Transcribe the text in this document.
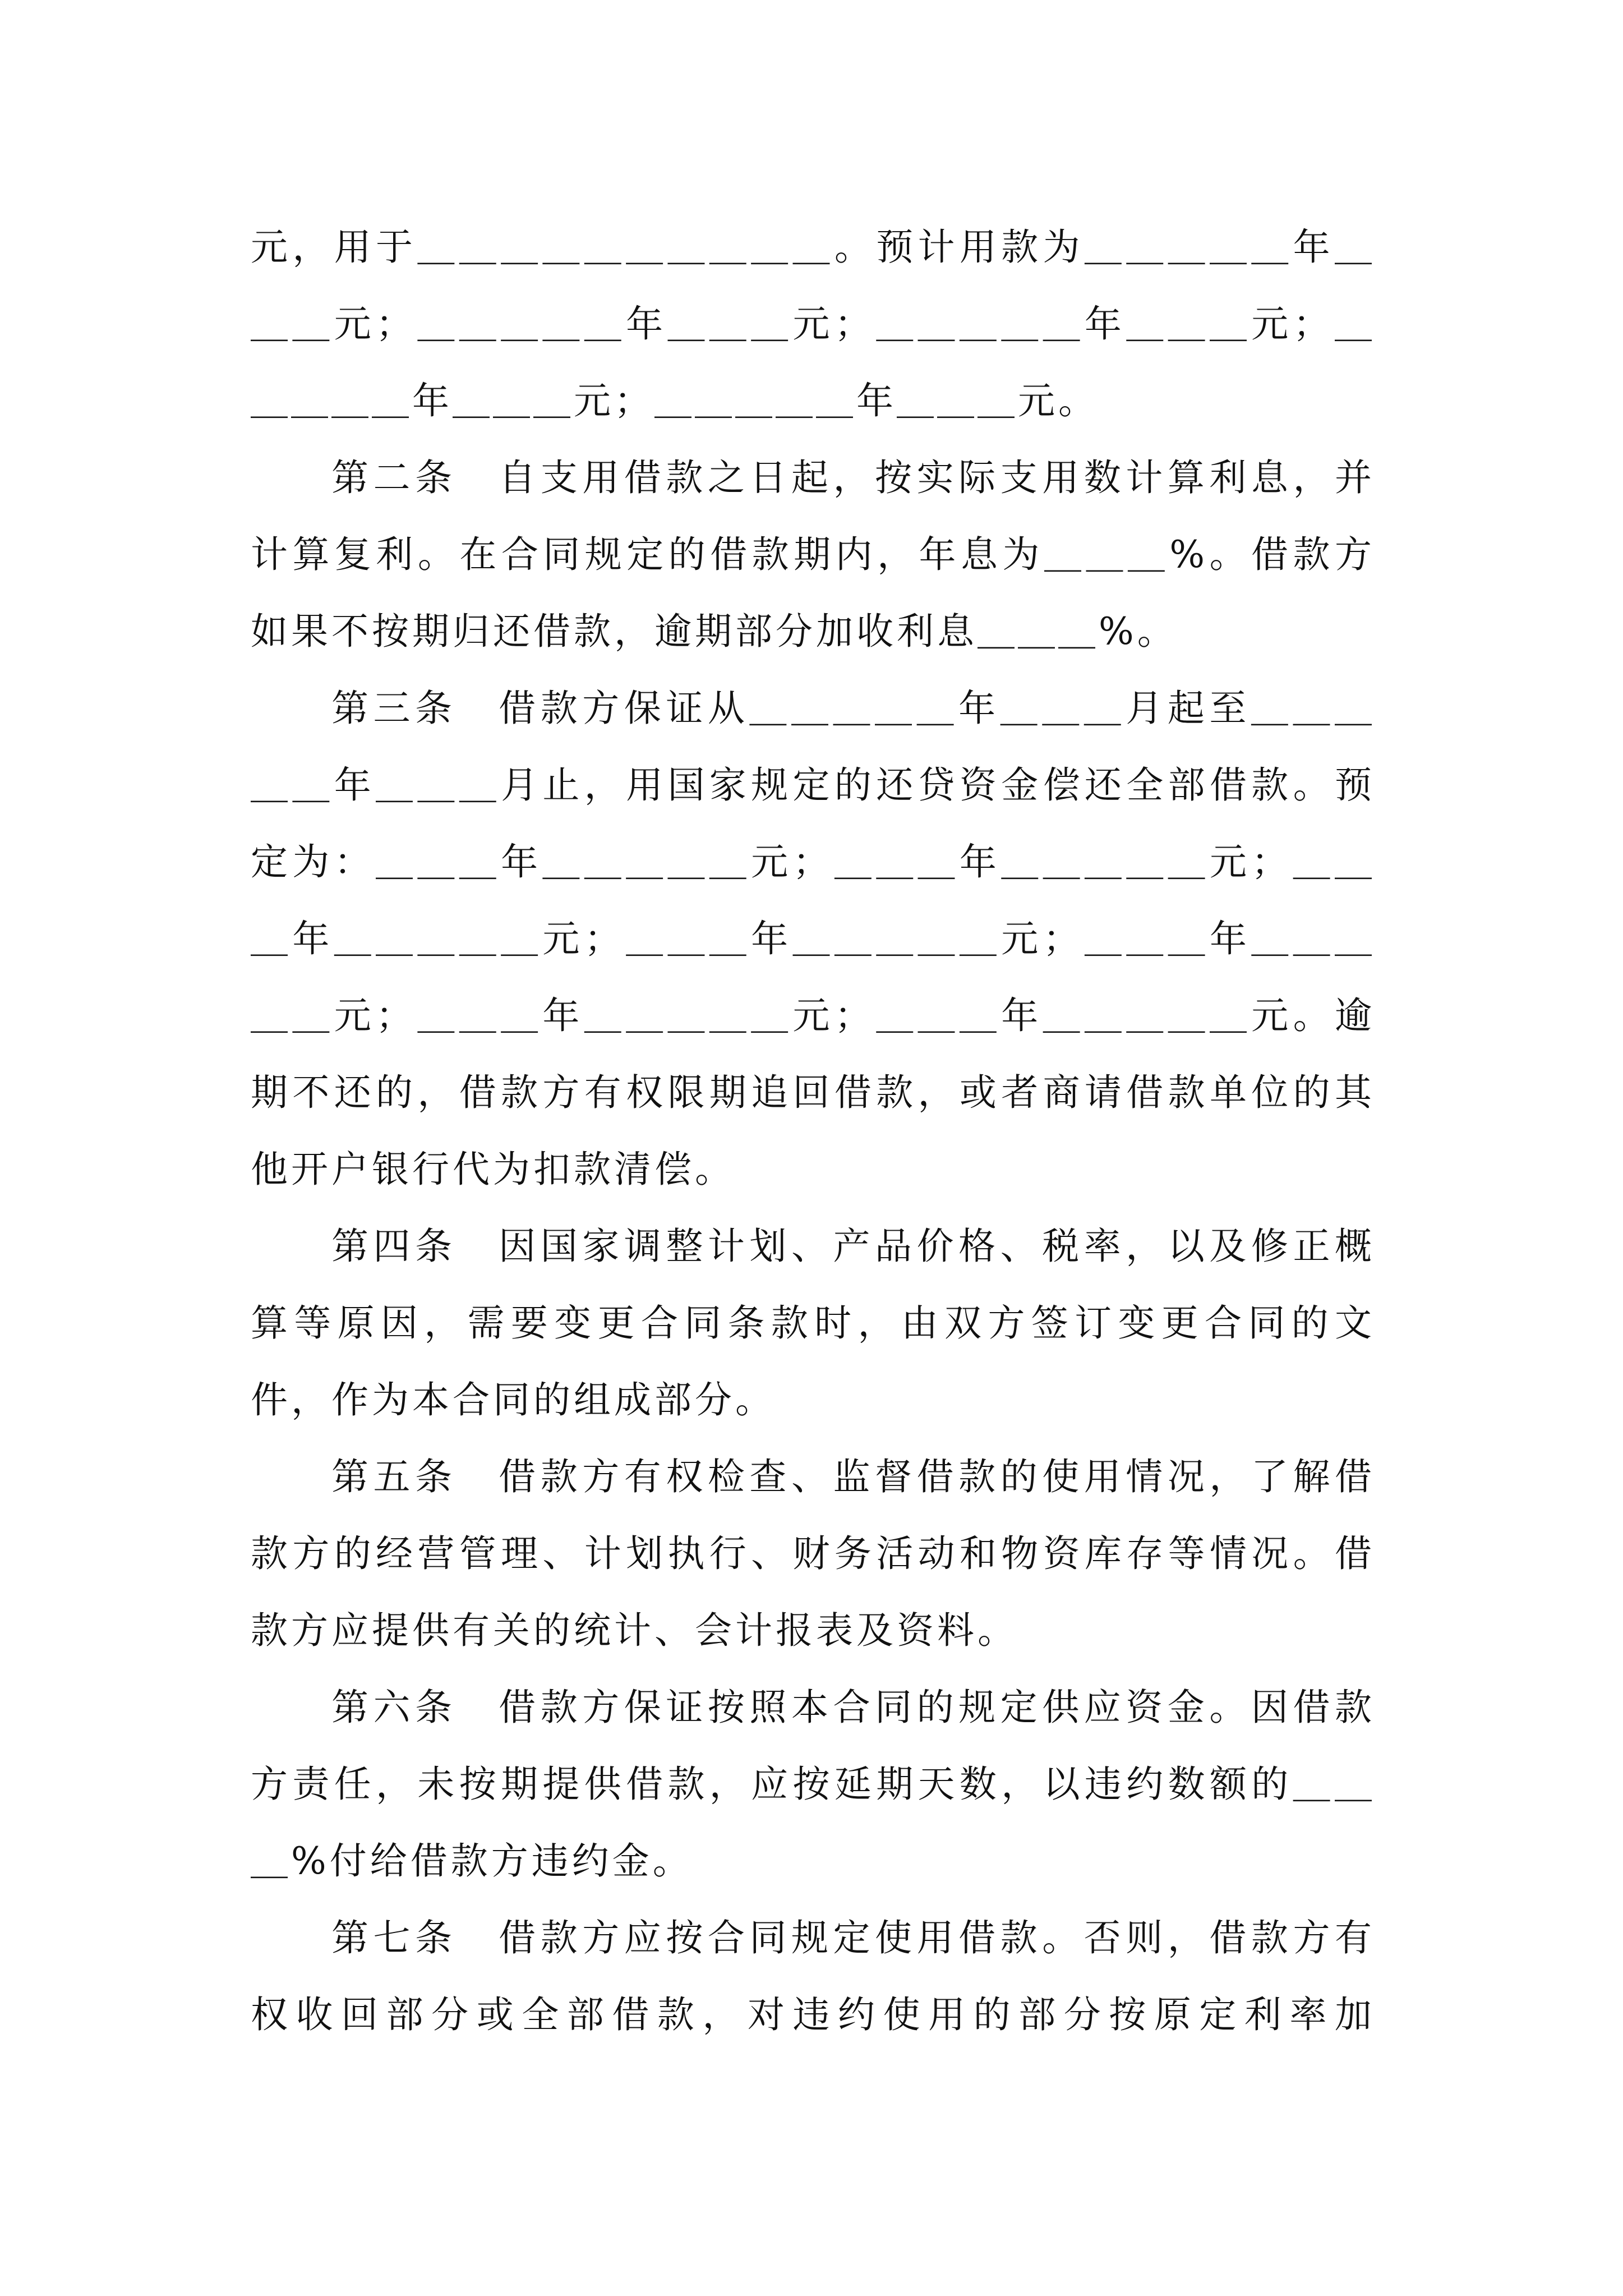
元，用于＿＿＿＿＿＿＿＿＿＿。预计用款为＿＿＿＿＿年＿＿＿元；＿＿＿＿＿年＿＿＿元；＿＿＿＿＿年＿＿＿元；＿＿＿＿＿年＿＿＿元；＿＿＿＿＿年＿＿＿元。

第二条　自支用借款之日起，按实际支用数计算利息，并计算复利。在合同规定的借款期内，年息为＿＿＿%。借款方如果不按期归还借款，逾期部分加收利息＿＿＿%。

第三条　借款方保证从＿＿＿＿＿年＿＿＿月起至＿＿＿＿＿年＿＿＿月止，用国家规定的还贷资金偿还全部借款。预定为：＿＿＿年＿＿＿＿＿元；＿＿＿年＿＿＿＿＿元；＿＿＿年＿＿＿＿＿元；＿＿＿年＿＿＿＿＿元；＿＿＿年＿＿＿＿＿元；＿＿＿年＿＿＿＿＿元；＿＿＿年＿＿＿＿＿元。逾期不还的，借款方有权限期追回借款，或者商请借款单位的其他开户银行代为扣款清偿。

第四条　因国家调整计划、产品价格、税率，以及修正概算等原因，需要变更合同条款时，由双方签订变更合同的文件，作为本合同的组成部分。

第五条　借款方有权检查、监督借款的使用情况，了解借款方的经营管理、计划执行、财务活动和物资库存等情况。借款方应提供有关的统计、会计报表及资料。

第六条　借款方保证按照本合同的规定供应资金。因借款方责任，未按期提供借款，应按延期天数，以违约数额的＿＿＿%付给借款方违约金。

第七条　借款方应按合同规定使用借款。否则，借款方有权收回部分或全部借款，对违约使用的部分按原定利率加
